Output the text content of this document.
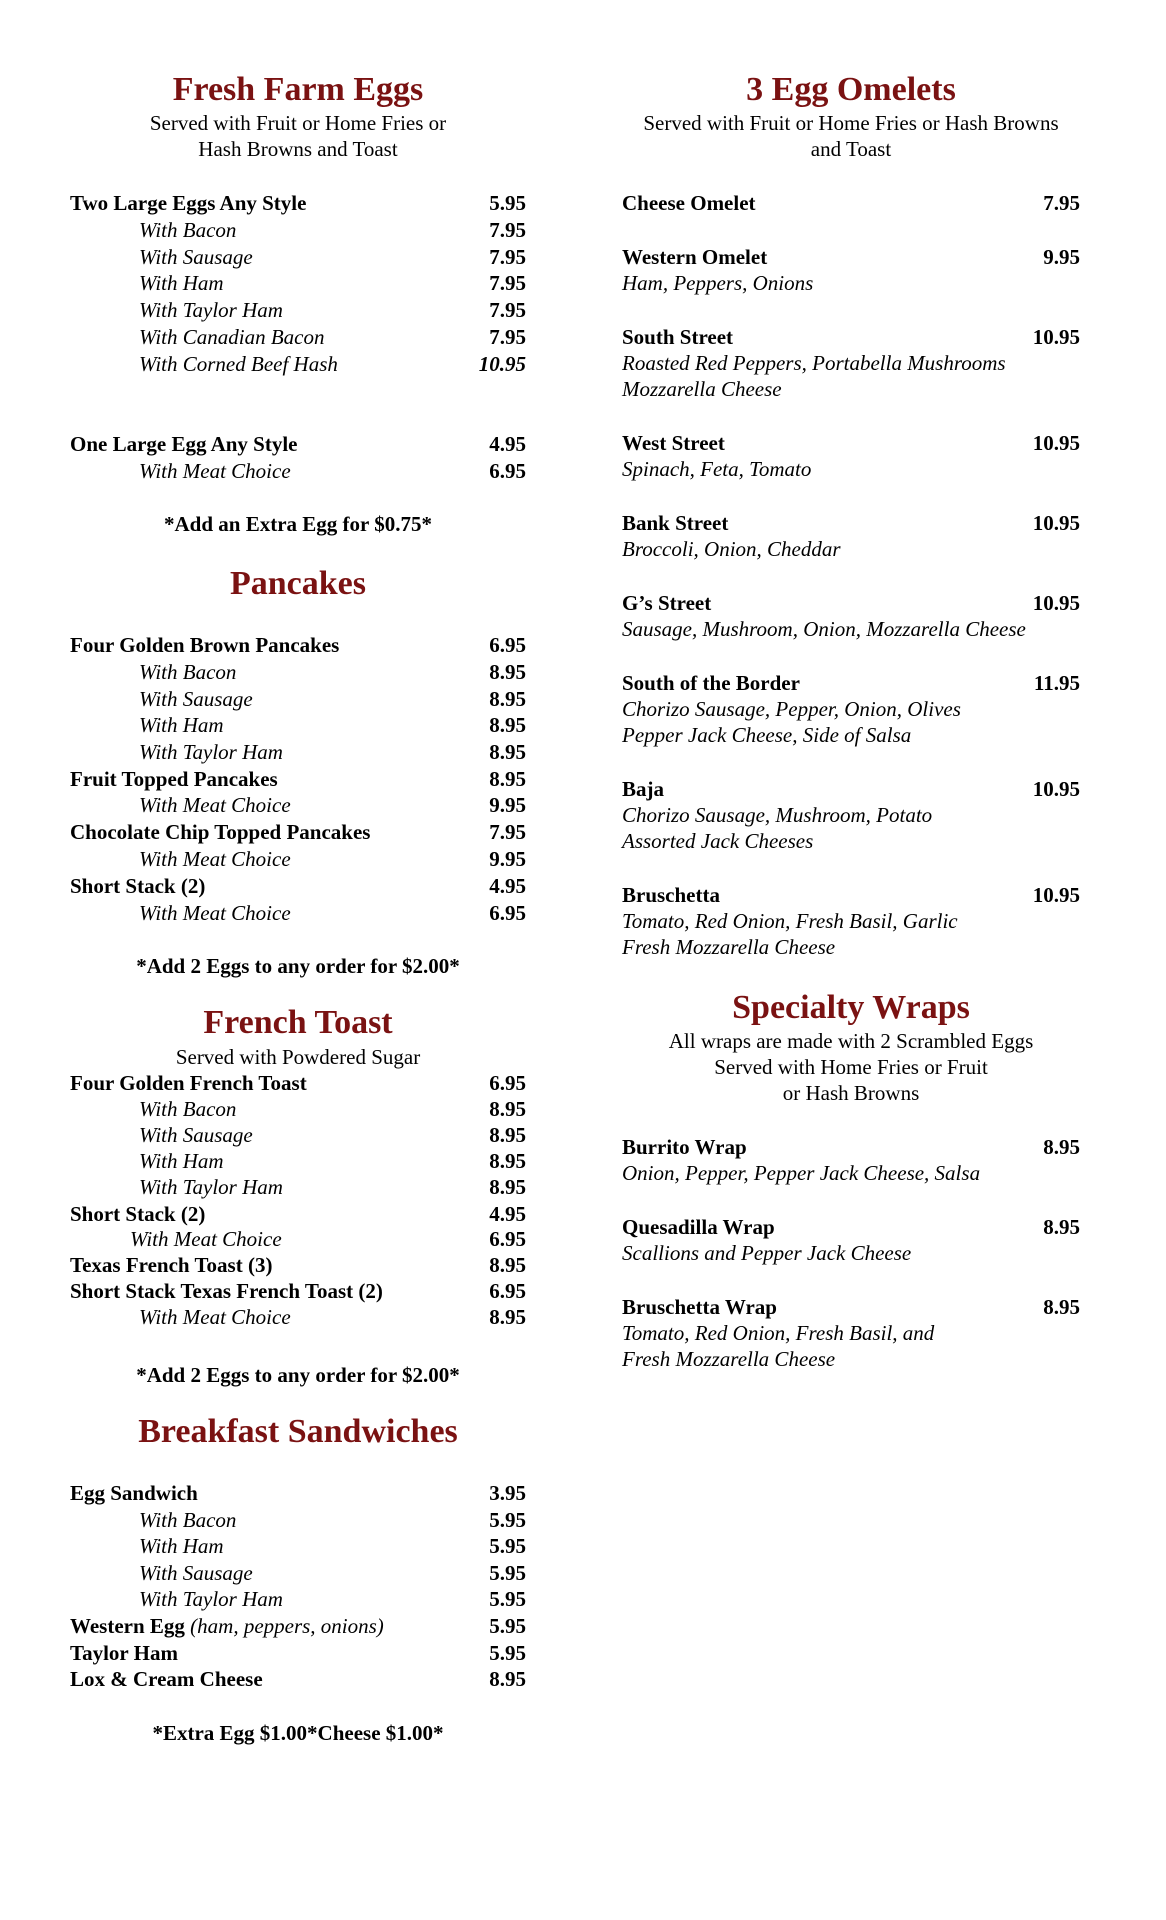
Fresh Farm Eggs
Served with Fruit or Home Fries or
Hash Browns and Toast
Two Large Eggs Any Style	5.95
With Bacon	7.95
With Sausage	7.95
With Ham	7.95
With Taylor Ham	7.95
With Canadian Bacon	7.95
With Corned Beef Hash	10.95
One Large Egg Any Style	4.95
With Meat Choice	6.95
*Add an Extra Egg for $0.75*
Pancakes
Four Golden Brown Pancakes	6.95
With Bacon	8.95
With Sausage	8.95
With Ham	8.95
With Taylor Ham	8.95
Fruit Topped Pancakes	8.95
With Meat Choice	9.95
Chocolate Chip Topped Pancakes	7.95
With Meat Choice	9.95
Short Stack (2)	4.95
With Meat Choice	6.95
*Add 2 Eggs to any order for $2.00*
French Toast
Served with Powdered Sugar
Four Golden French Toast	6.95
With Bacon	8.95
With Sausage	8.95
With Ham	8.95
With Taylor Ham	8.95
Short Stack (2)	4.95
With Meat Choice	6.95
Texas French Toast (3)	8.95
Short Stack Texas French Toast (2)	6.95
With Meat Choice	8.95
*Add 2 Eggs to any order for $2.00*
Breakfast Sandwiches
Egg Sandwich	3.95
With Bacon	5.95
With Ham	5.95
With Sausage	5.95
With Taylor Ham	5.95
Western Egg (ham, peppers, onions)	5.95
Taylor Ham	5.95
Lox & Cream Cheese	8.95
*Extra Egg $1.00*Cheese $1.00*
3 Egg Omelets
Served with Fruit or Home Fries or Hash Browns
and Toast
Cheese Omelet	7.95
Western Omelet	9.95
Ham, Peppers, Onions
South Street	10.95
Roasted Red Peppers, Portabella Mushrooms
Mozzarella Cheese
West Street	10.95
Spinach, Feta, Tomato
Bank Street	10.95
Broccoli, Onion, Cheddar
G’s Street	10.95
Sausage, Mushroom, Onion, Mozzarella Cheese
South of the Border	11.95
Chorizo Sausage, Pepper, Onion, Olives
Pepper Jack Cheese, Side of Salsa
Baja	10.95
Chorizo Sausage, Mushroom, Potato
Assorted Jack Cheeses
Bruschetta	10.95
Tomato, Red Onion, Fresh Basil, Garlic
Fresh Mozzarella Cheese
Specialty Wraps
All wraps are made with 2 Scrambled Eggs
Served with Home Fries or Fruit
or Hash Browns
Burrito Wrap	8.95
Onion, Pepper, Pepper Jack Cheese, Salsa
Quesadilla Wrap	8.95
Scallions and Pepper Jack Cheese
Bruschetta Wrap	8.95
Tomato, Red Onion, Fresh Basil, and
Fresh Mozzarella Cheese
